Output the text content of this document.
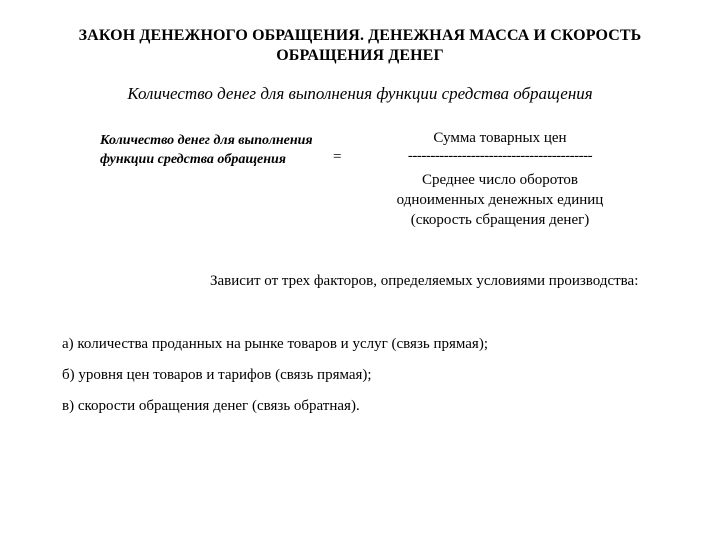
ЗАКОН ДЕНЕЖНОГО ОБРАЩЕНИЯ. ДЕНЕЖНАЯ МАССА И СКОРОСТЬ
ОБРАЩЕНИЯ ДЕНЕГ
Количество денег для выполнения функции средства обращения
Количество денег для выполнения
функции средства обращения	=
Сумма товарных цен
-----------------------------------------
Среднее число оборотов
одноименных денежных единиц
(скорость сбращения денег)
Зависит от трех факторов, определяемых условиями производства:
а) количества проданных на рынке товаров и услуг (связь прямая);
б) уровня цен товаров и тарифов (связь прямая);
в) скорости обращения денег (связь обратная).
